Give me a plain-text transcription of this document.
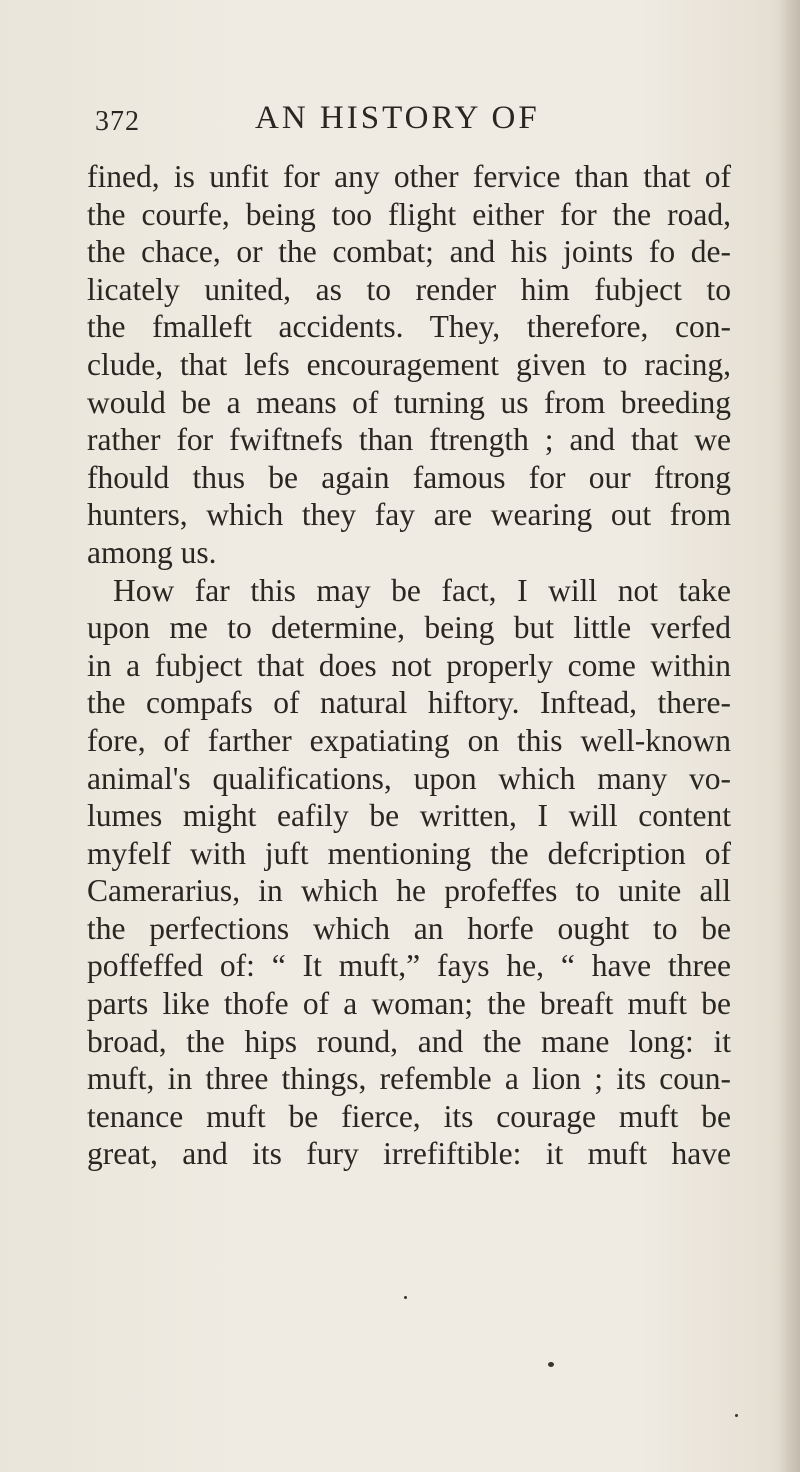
372	AN HISTORY OF
fined, is unfit for any other fervice than that of
the courfe, being too flight either for the road,
the chace, or the combat; and his joints fo de-
licately united, as to render him fubject to
the fmalleft accidents. They, therefore, con-
clude, that lefs encouragement given to racing,
would be a means of turning us from breeding
rather for fwiftnefs than ftrength ; and that we
fhould thus be again famous for our ftrong
hunters, which they fay are wearing out from
among us.
How far this may be fact, I will not take
upon me to determine, being but little verfed
in a fubject that does not properly come within
the compafs of natural hiftory. Inftead, there-
fore, of farther expatiating on this well-known
animal's qualifications, upon which many vo-
lumes might eafily be written, I will content
myfelf with juft mentioning the defcription of
Camerarius, in which he profeffes to unite all
the perfections which an horfe ought to be
poffeffed of: “ It muft,” fays he, “ have three
parts like thofe of a woman; the breaft muft be
broad, the hips round, and the mane long: it
muft, in three things, refemble a lion ; its coun-
tenance muft be fierce, its courage muft be
great, and its fury irrefiftible: it muft have
